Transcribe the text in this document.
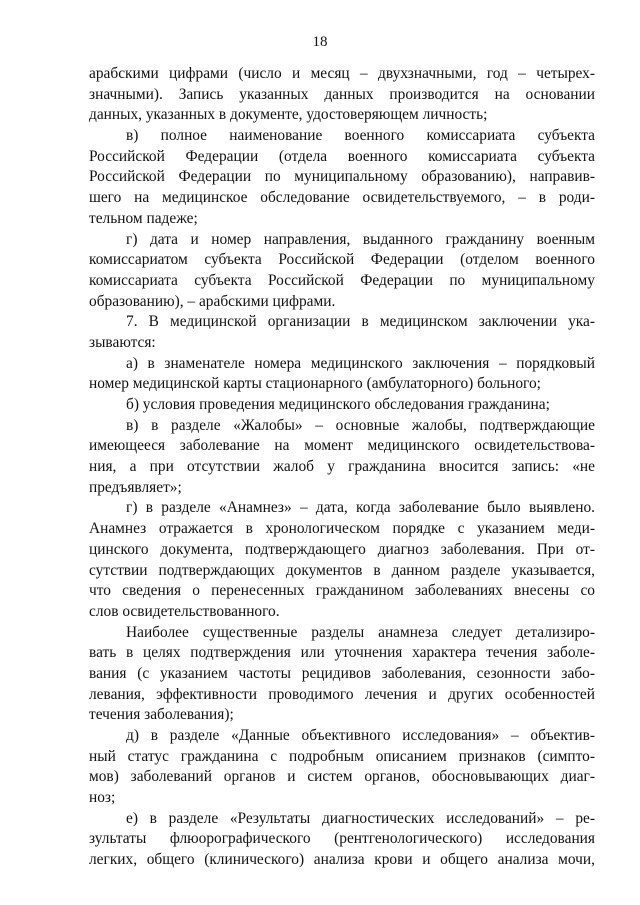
18
арабскими цифрами (число и месяц – двухзначными, год – четырех-
значными). Запись указанных данных производится на основании
данных, указанных в документе, удостоверяющем личность;
в) полное наименование военного комиссариата субъекта
Российской Федерации (отдела военного комиссариата субъекта
Российской Федерации по муниципальному образованию), направив-
шего на медицинское обследование освидетельствуемого, – в роди-
тельном падеже;
г) дата и номер направления, выданного гражданину военным
комиссариатом субъекта Российской Федерации (отделом военного
комиссариата субъекта Российской Федерации по муниципальному
образованию), – арабскими цифрами.
7. В медицинской организации в медицинском заключении ука-
зываются:
а) в знаменателе номера медицинского заключения – порядковый
номер медицинской карты стационарного (амбулаторного) больного;
б) условия проведения медицинского обследования гражданина;
в) в разделе «Жалобы» – основные жалобы, подтверждающие
имеющееся заболевание на момент медицинского освидетельствова-
ния, а при отсутствии жалоб у гражданина вносится запись: «не
предъявляет»;
г) в разделе «Анамнез» – дата, когда заболевание было выявлено.
Анамнез отражается в хронологическом порядке с указанием меди-
цинского документа, подтверждающего диагноз заболевания. При от-
сутствии подтверждающих документов в данном разделе указывается,
что сведения о перенесенных гражданином заболеваниях внесены со
слов освидетельствованного.
Наиболее существенные разделы анамнеза следует детализиро-
вать в целях подтверждения или уточнения характера течения заболе-
вания (с указанием частоты рецидивов заболевания, сезонности забо-
левания, эффективности проводимого лечения и других особенностей
течения заболевания);
д) в разделе «Данные объективного исследования» – объектив-
ный статус гражданина с подробным описанием признаков (симпто-
мов) заболеваний органов и систем органов, обосновывающих диаг-
ноз;
е) в разделе «Результаты диагностических исследований» – ре-
зультаты флюорографического (рентгенологического) исследования
легких, общего (клинического) анализа крови и общего анализа мочи,
